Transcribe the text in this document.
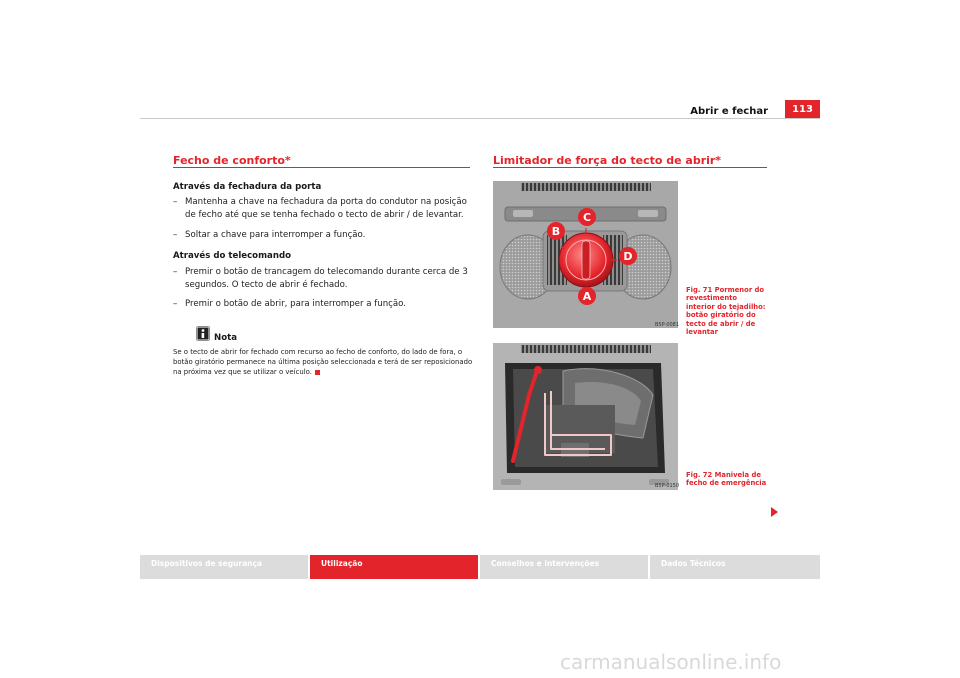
Abrir e fechar	113
Fecho de conforto*
Através da fechadura da porta
– Mantenha a chave na fechadura da porta do condutor na posição de fecho até que se tenha fechado o tecto de abrir / de levantar.
– Soltar a chave para interromper a função.
Através do telecomando
– Premir o botão de trancagem do telecomando durante cerca de 3 segundos. O tecto de abrir é fechado.
– Premir o botão de abrir, para interromper a função.
Nota
Se o tecto de abrir for fechado com recurso ao fecho de conforto, do lado de fora, o botão giratório permanece na última posição seleccionada e terá de ser reposicionado na próxima vez que se utilizar o veículo.
Limitador de força do tecto de abrir*
C
B
D
A
B5P-0081
B5P-0150
Fig. 71 Pormenor do revestimento interior do tejadilho: botão giratório do tecto de abrir / de levantar
Fig. 72 Manivela de fecho de emergência
Dispositivos de segurança	Utilização	Conselhos e intervenções	Dados Técnicos
carmanualsonline.info
